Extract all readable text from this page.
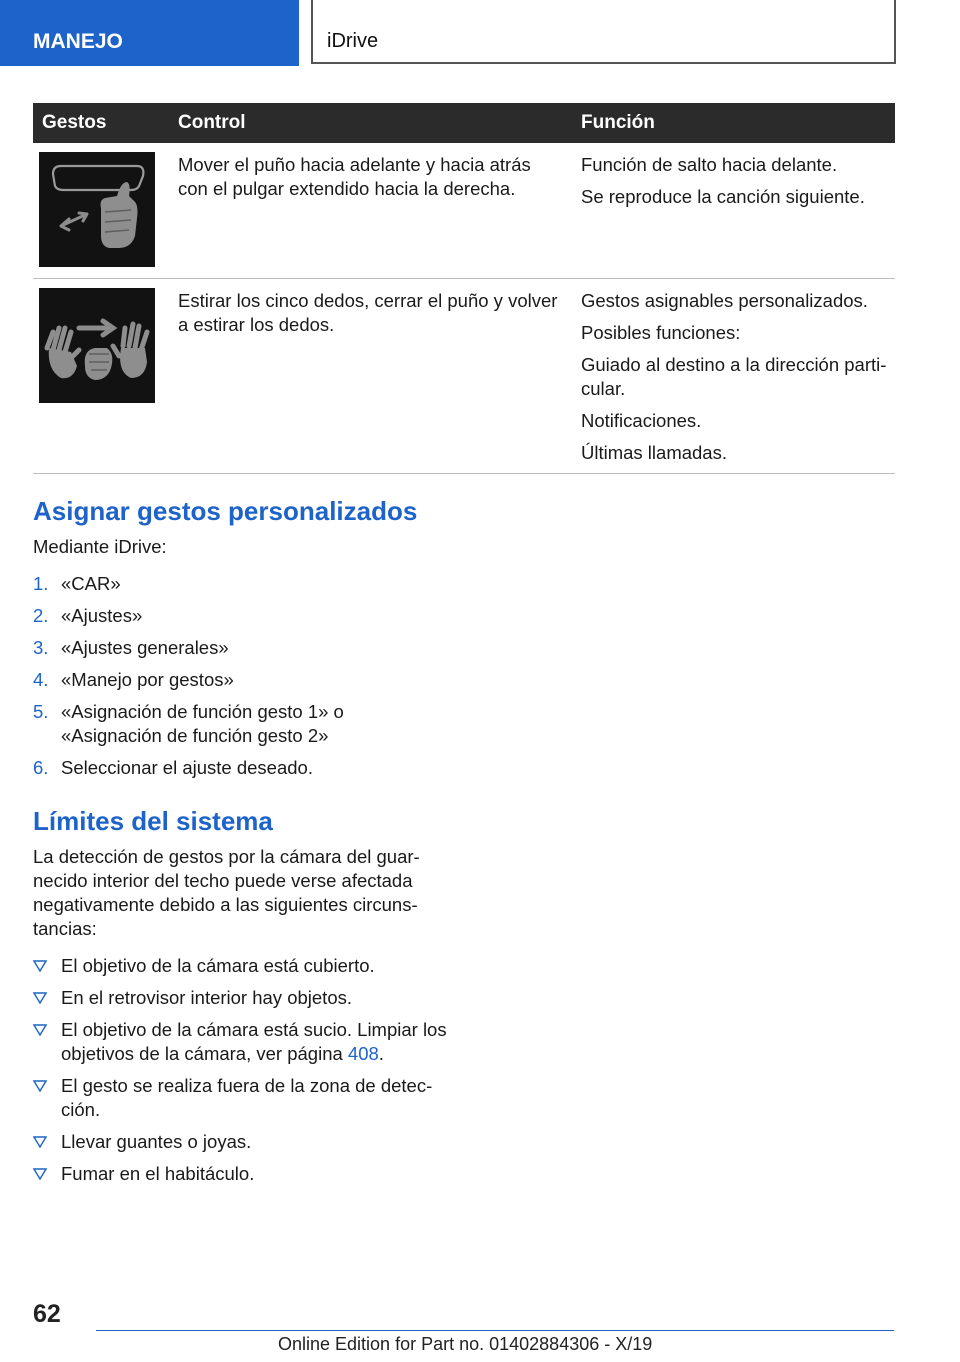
MANEJO	iDrive
Gestos	Control	Función

	Mover el puño hacia adelante y hacia atrás con el pulgar extendido hacia la derecha.	Función de salto hacia delante.

Se reproduce la canción siguiente.

	Estirar los cinco dedos, cerrar el puño y volver a estirar los dedos.	Gestos asignables personalizados.

Posibles funciones:

Guiado al destino a la dirección particular.

Notificaciones.

Últimas llamadas.

Asignar gestos personalizados

Mediante iDrive:

1. «CAR»
2. «Ajustes»
3. «Ajustes generales»
4. «Manejo por gestos»
5. «Asignación de función gesto 1» o «Asignación de función gesto 2»
6. Seleccionar el ajuste deseado.
Límites del sistema

La detección de gestos por la cámara del guarnecido interior del techo puede verse afectada negativamente debido a las siguientes circunstancias:

El objetivo de la cámara está cubierto.
En el retrovisor interior hay objetos.
El objetivo de la cámara está sucio. Limpiar los objetivos de la cámara, ver página 408.
El gesto se realiza fuera de la zona de detección.
Llevar guantes o joyas.
Fumar en el habitáculo.
62
Online Edition for Part no. 01402884306 - X/19
